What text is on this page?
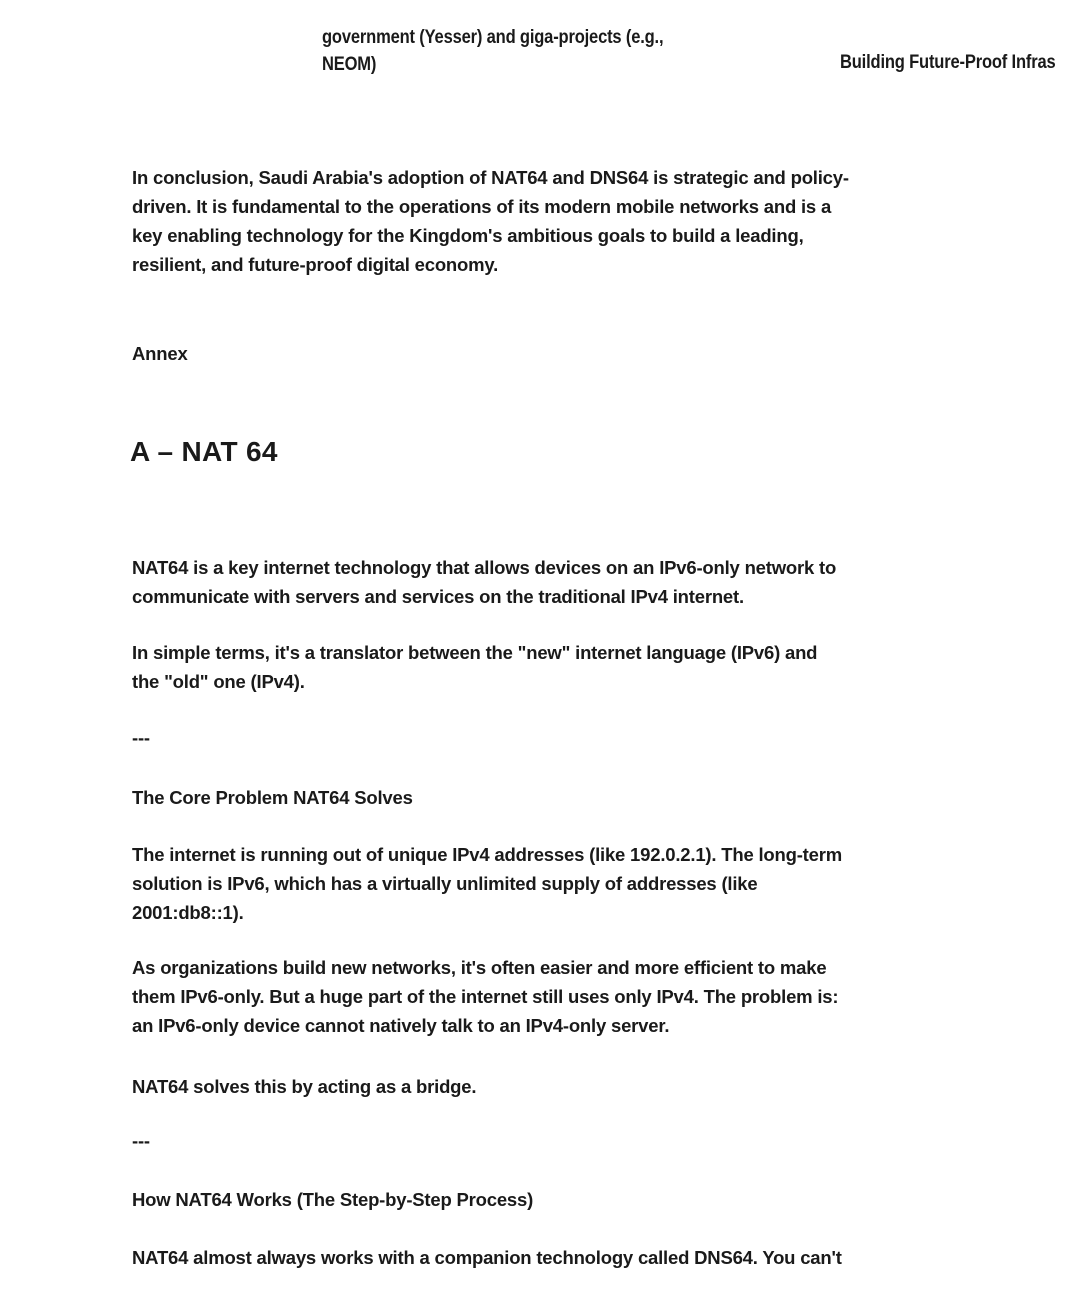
government (Yesser) and giga-projects (e.g.,
NEOM)	Building Future-Proof Infras

In conclusion, Saudi Arabia's adoption of NAT64 and DNS64 is strategic and policy-
driven. It is fundamental to the operations of its modern mobile networks and is a
key enabling technology for the Kingdom's ambitious goals to build a leading,
resilient, and future-proof digital economy.

Annex

A – NAT 64

NAT64 is a key internet technology that allows devices on an IPv6-only network to
communicate with servers and services on the traditional IPv4 internet.

In simple terms, it's a translator between the "new" internet language (IPv6) and
the "old" one (IPv4).

---

The Core Problem NAT64 Solves

The internet is running out of unique IPv4 addresses (like 192.0.2.1). The long-term
solution is IPv6, which has a virtually unlimited supply of addresses (like
2001:db8::1).

As organizations build new networks, it's often easier and more efficient to make
them IPv6-only. But a huge part of the internet still uses only IPv4. The problem is:
an IPv6-only device cannot natively talk to an IPv4-only server.

NAT64 solves this by acting as a bridge.

---

How NAT64 Works (The Step-by-Step Process)

NAT64 almost always works with a companion technology called DNS64. You can't
